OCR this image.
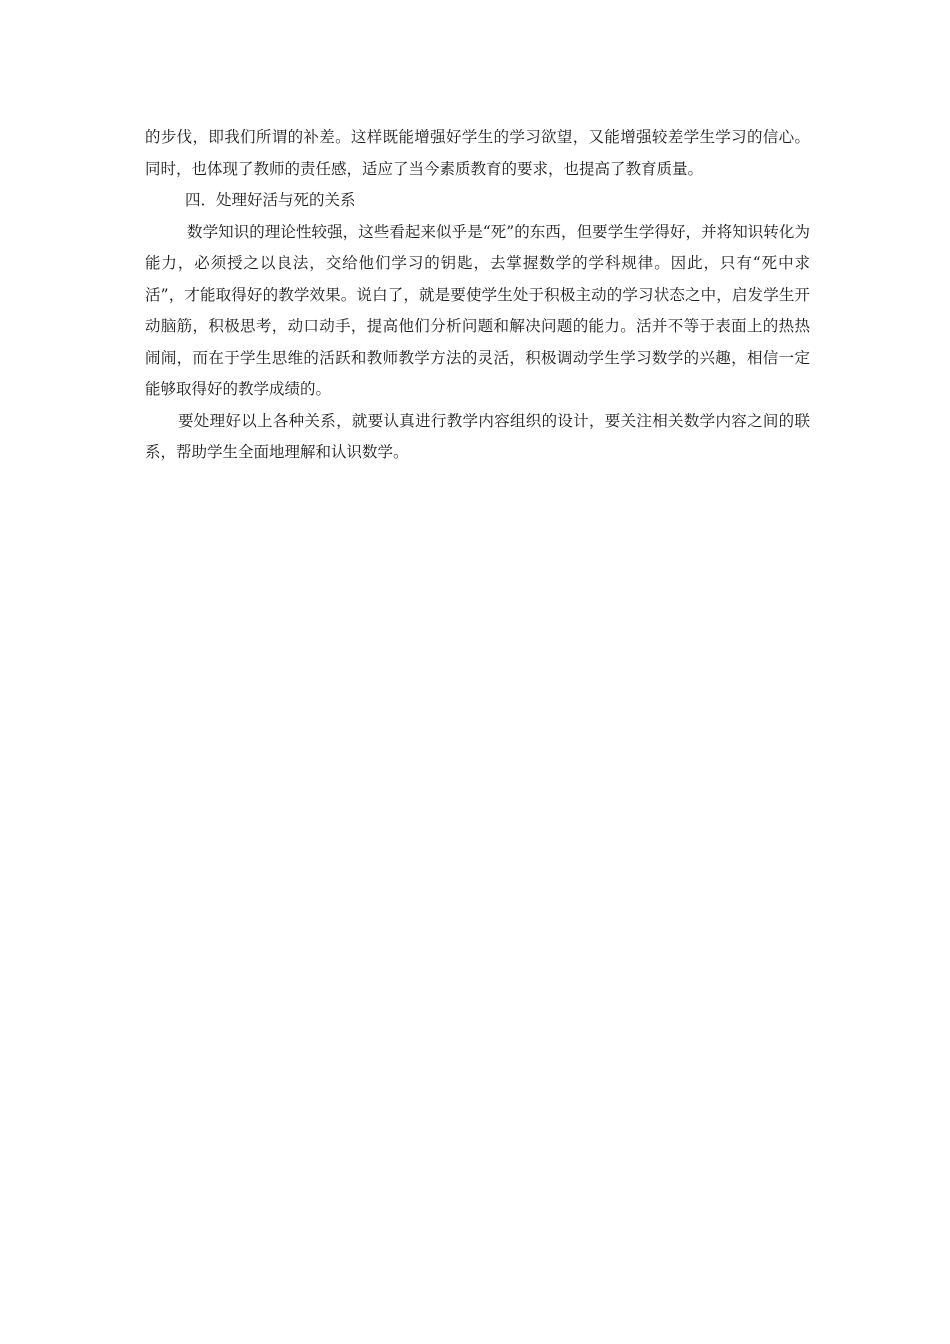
的步伐，即我们所谓的补差。这样既能增强好学生的学习欲望，又能增强较差学生学习的信心。同时，也体现了教师的责任感，适应了当今素质教育的要求，也提高了教育质量。

四．处理好活与死的关系

数学知识的理论性较强，这些看起来似乎是“死”的东西，但要学生学得好，并将知识转化为能力，必须授之以良法，交给他们学习的钥匙，去掌握数学的学科规律。因此，只有“死中求活”，才能取得好的教学效果。说白了，就是要使学生处于积极主动的学习状态之中，启发学生开动脑筋，积极思考，动口动手，提高他们分析问题和解决问题的能力。活并不等于表面上的热热闹闹，而在于学生思维的活跃和教师教学方法的灵活，积极调动学生学习数学的兴趣，相信一定能够取得好的教学成绩的。

要处理好以上各种关系，就要认真进行教学内容组织的设计，要关注相关数学内容之间的联系，帮助学生全面地理解和认识数学。
